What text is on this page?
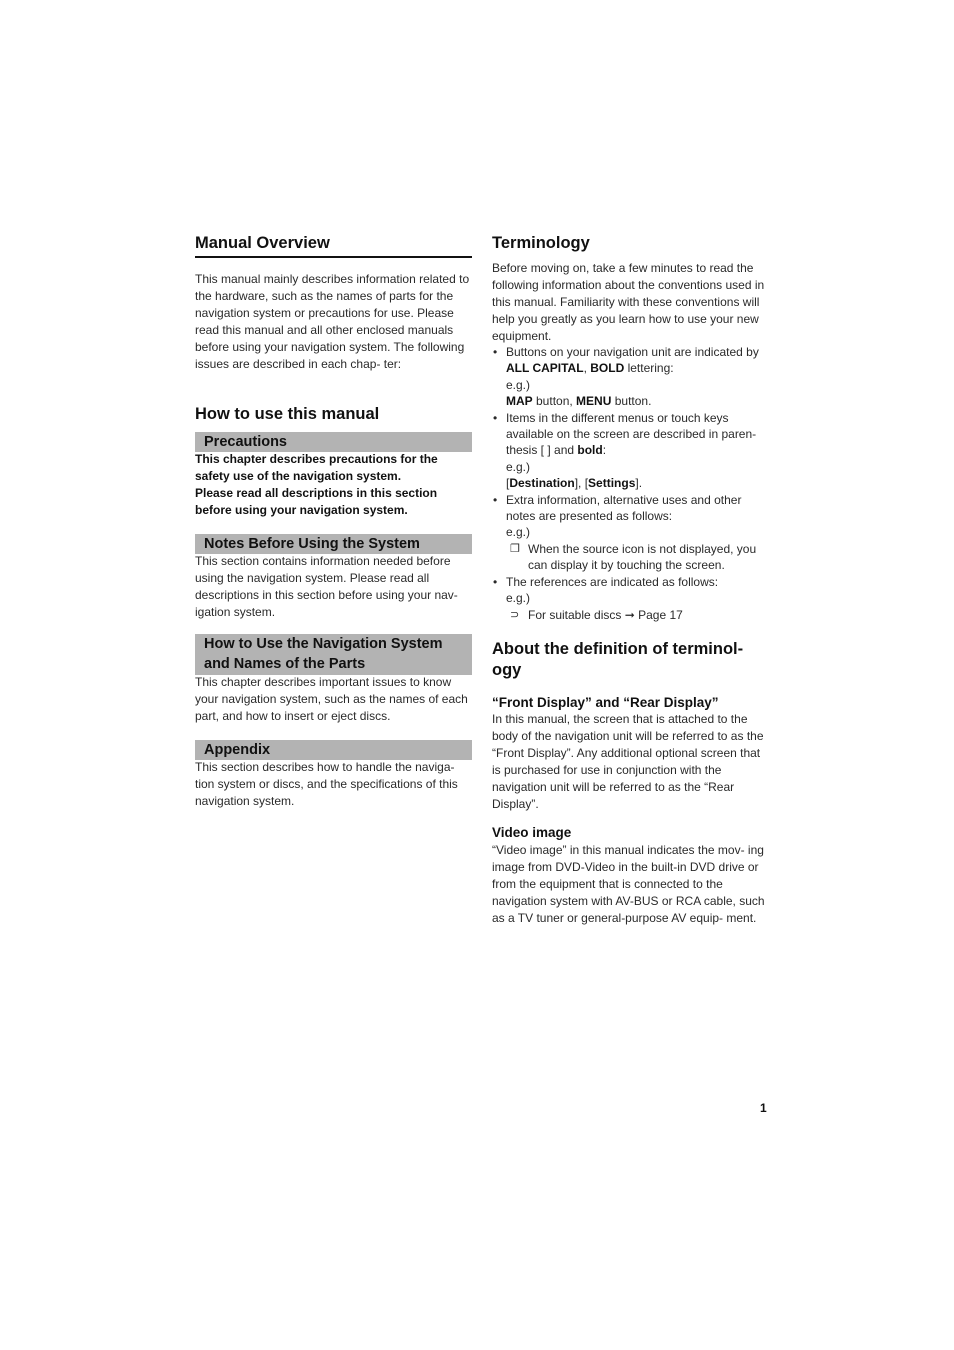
Manual Overview

This manual mainly describes information related to the hardware, such as the names of parts for the navigation system or precautions for use. Please read this manual and all other enclosed manuals before using your navigation system. The following issues are described in each chap- ter:

How to use this manual
Precautions

This chapter describes precautions for the safety use of the navigation system.

Please read all descriptions in this section before using your navigation system.

Notes Before Using the System

This section contains information needed before using the navigation system. Please read all descriptions in this section before using your nav- igation system.

How to Use the Navigation System
and Names of the Parts

This chapter describes important issues to know your navigation system, such as the names of each part, and how to insert or eject discs.

Appendix

This section describes how to handle the naviga- tion system or discs, and the specifications of this navigation system.

Terminology

Before moving on, take a few minutes to read the following information about the conventions used in this manual. Familiarity with these conventions will help you greatly as you learn how to use your new equipment.

• Buttons on your navigation unit are indicated by ALL CAPITAL, BOLD lettering:
e.g.)
MAP button, MENU button.
• Items in the different menus or touch keys available on the screen are described in paren- thesis [ ] and bold:
e.g.)
[Destination], [Settings].
• Extra information, alternative uses and other notes are presented as follows:
e.g.)
❐ When the source icon is not displayed, you can display it by touching the screen.
• The references are indicated as follows:
e.g.)
⊃ For suitable discs ➞ Page 17
About the definition of terminol-
ogy
“Front Display” and “Rear Display”

In this manual, the screen that is attached to the body of the navigation unit will be referred to as the “Front Display”. Any additional optional screen that is purchased for use in conjunction with the navigation unit will be referred to as the “Rear Display”.

Video image

“Video image” in this manual indicates the mov- ing image from DVD-Video in the built-in DVD drive or from the equipment that is connected to the navigation system with AV-BUS or RCA cable, such as a TV tuner or general-purpose AV equip- ment.

1
